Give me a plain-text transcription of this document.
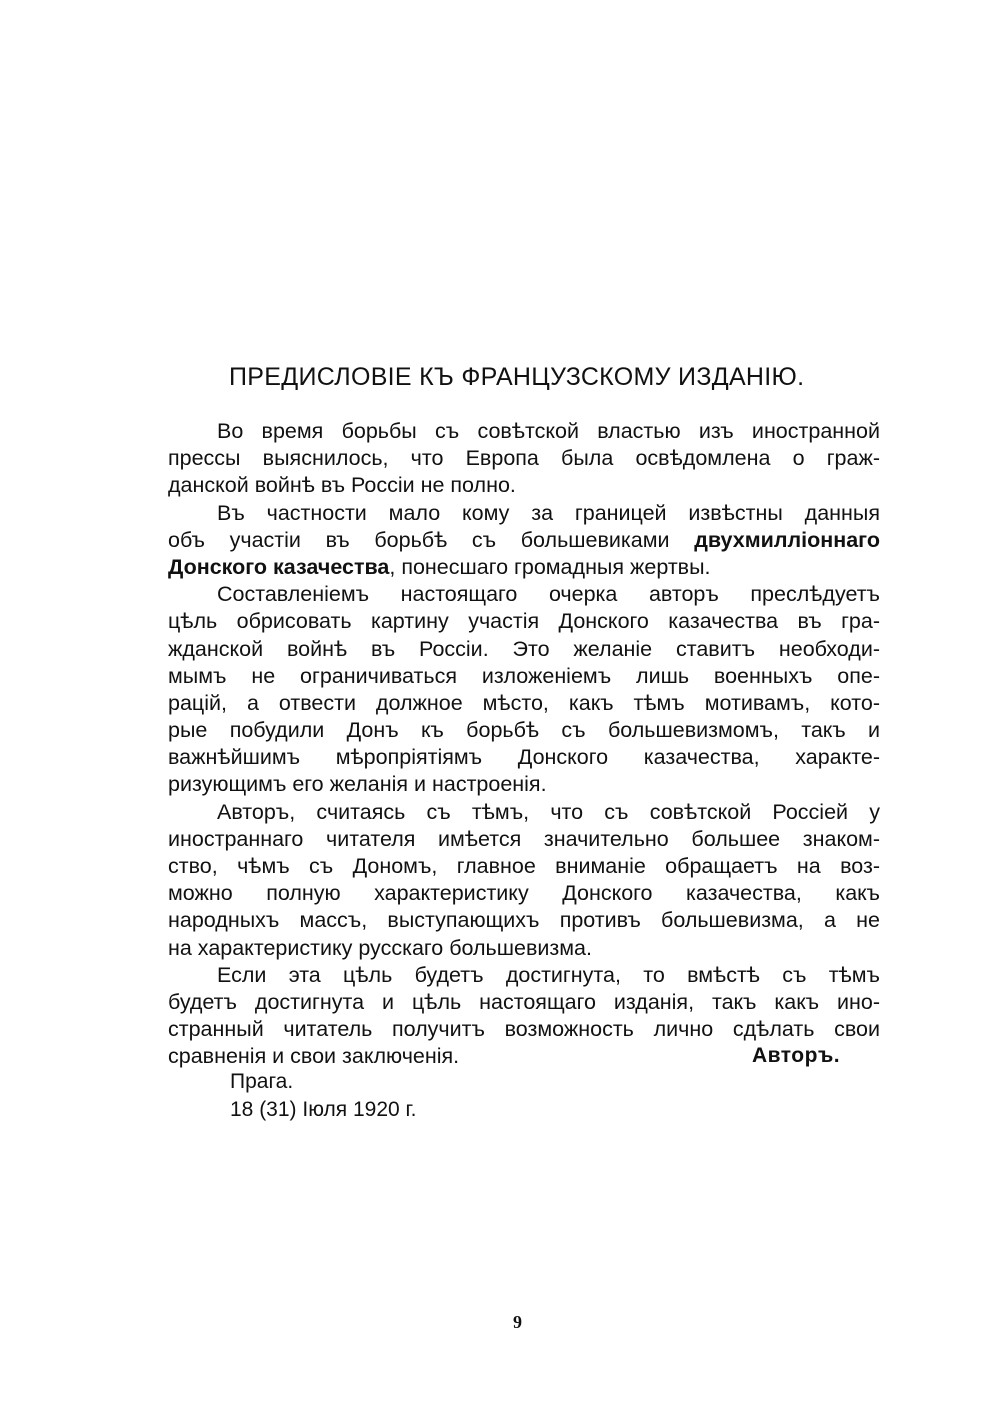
ПРЕДИСЛОВІЕ КЪ ФРАНЦУЗСКОМУ ИЗДАНІЮ.
Во время борьбы съ совѣтской властью изъ иностранной
прессы выяснилось, что Европа была освѣдомлена о граж-
данской войнѣ въ Россіи не полно.
Въ частности мало кому за границей извѣстны данныя
объ участіи въ борьбѣ съ большевиками двухмилліоннаго
Донского казачества, понесшаго громадныя жертвы.
Составленіемъ настоящаго очерка авторъ преслѣдуетъ
цѣль обрисовать картину участія Донского казачества въ гра-
жданской войнѣ въ Россіи. Это желаніе ставитъ необходи-
мымъ не ограничиваться изложеніемъ лишь военныхъ опе-
рацій, а отвести должное мѣсто, какъ тѣмъ мотивамъ, кото-
рые побудили Донъ къ борьбѣ съ большевизмомъ, такъ и
важнѣйшимъ мѣропріятіямъ Донского казачества, характе-
ризующимъ его желанія и настроенія.
Авторъ, считаясь съ тѣмъ, что съ совѣтской Россіей у
иностраннаго читателя имѣется значительно большее знаком-
ство, чѣмъ съ Дономъ, главное вниманіе обращаетъ на воз-
можно полную характеристику Донского казачества, какъ
народныхъ массъ, выступающихъ противъ большевизма, а не
на характеристику русскаго большевизма.
Если эта цѣль будетъ достигнута, то вмѣстѣ съ тѣмъ
будетъ достигнута и цѣль настоящаго изданія, такъ какъ ино-
странный читатель получитъ возможность лично сдѣлать свои
сравненія и свои заключенія.	Авторъ.
Прага.
18 (31) Іюля 1920 г.
9
